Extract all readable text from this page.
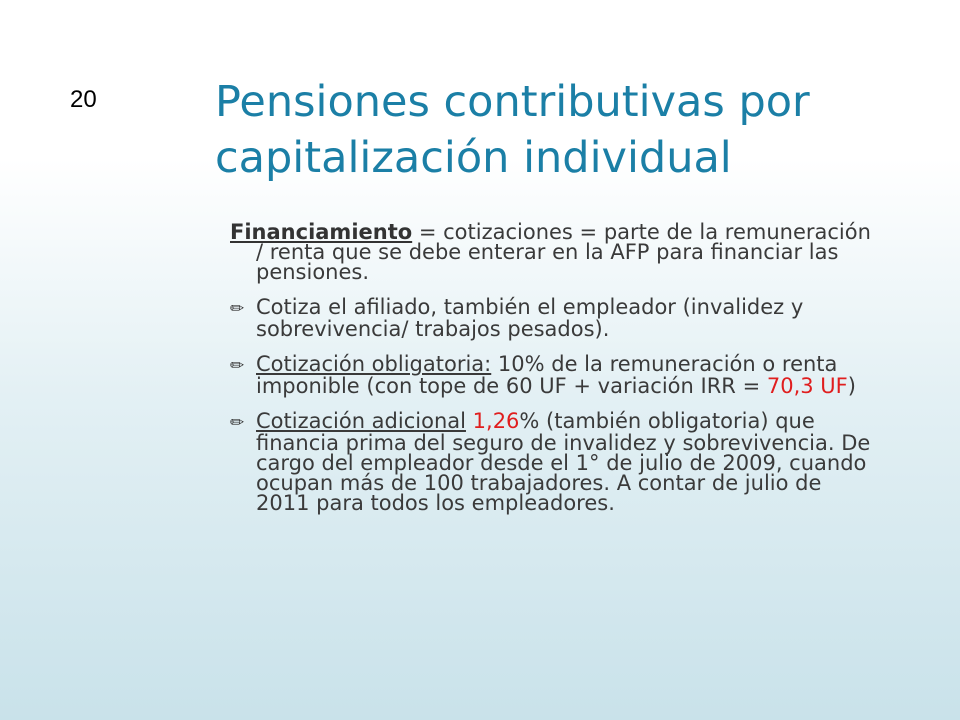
20	Pensiones contributivas por
capitalización individual

Financiamiento = cotizaciones = parte de la remuneración / renta que se debe enterar en la AFP para financiar las pensiones.

✏ Cotiza el afiliado, también el empleador (invalidez y sobrevivencia/ trabajos pesados).

✏ Cotización obligatoria: 10% de la remuneración o renta imponible (con tope de 60 UF + variación IRR = 70,3 UF)

✏ Cotización adicional 1,26% (también obligatoria) que financia prima del seguro de invalidez y sobrevivencia. De cargo del empleador desde el 1° de julio de 2009, cuando ocupan más de 100 trabajadores. A contar de julio de 2011 para todos los empleadores.
